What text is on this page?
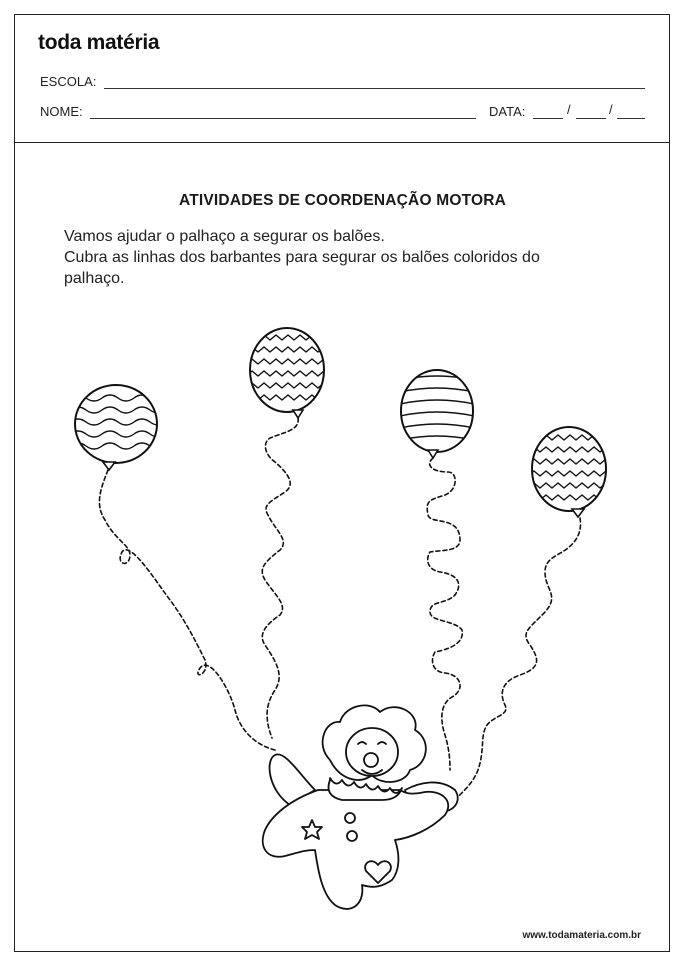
toda matéria
ESCOLA:
NOME:	DATA:	/	/
ATIVIDADES DE COORDENAÇÃO MOTORA
Vamos ajudar o palhaço a segurar os balões.
Cubra as linhas dos barbantes para segurar os balões coloridos do
palhaço.
www.todamateria.com.br
